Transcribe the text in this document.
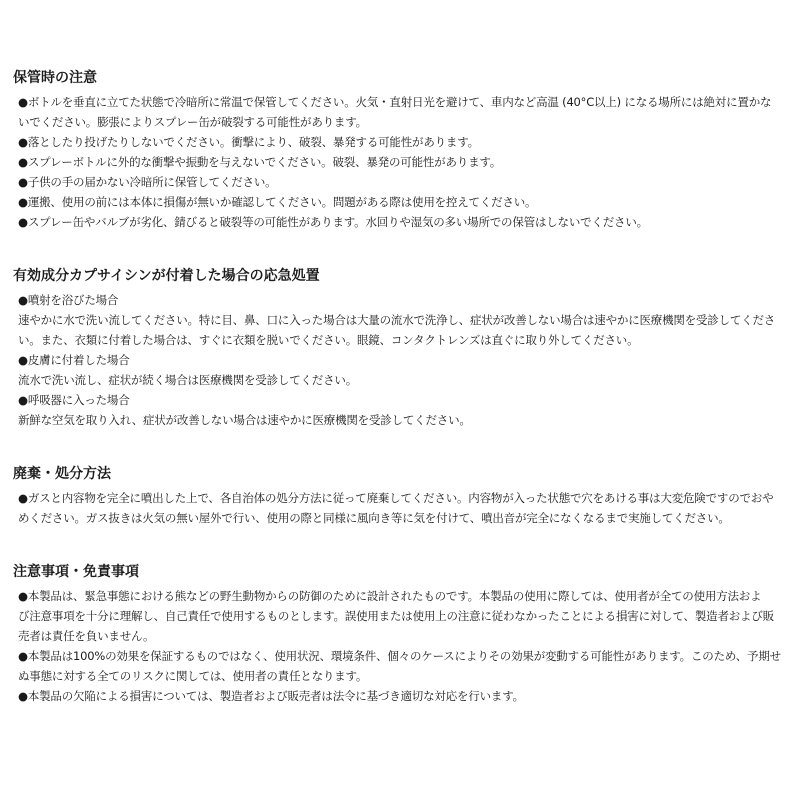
保管時の注意
●ボトルを垂直に立てた状態で冷暗所に常温で保管してください。火気・直射日光を避けて、車内など高温 (40°C以上) になる場所には絶対に置かな
いでください。膨張によりスプレー缶が破裂する可能性があります。
●落としたり投げたりしないでください。衝撃により、破裂、暴発する可能性があります。
●スプレーボトルに外的な衝撃や振動を与えないでください。破裂、暴発の可能性があります。
●子供の手の届かない冷暗所に保管してください。
●運搬、使用の前には本体に損傷が無いか確認してください。問題がある際は使用を控えてください。
●スプレー缶やバルブが劣化、錆びると破裂等の可能性があります。水回りや湿気の多い場所での保管はしないでください。
有効成分カプサイシンが付着した場合の応急処置
●噴射を浴びた場合
速やかに水で洗い流してください。特に目、鼻、口に入った場合は大量の流水で洗浄し、症状が改善しない場合は速やかに医療機関を受診してくださ
い。また、衣類に付着した場合は、すぐに衣類を脱いでください。眼鏡、コンタクトレンズは直ぐに取り外してください。
●皮膚に付着した場合
流水で洗い流し、症状が続く場合は医療機関を受診してください。
●呼吸器に入った場合
新鮮な空気を取り入れ、症状が改善しない場合は速やかに医療機関を受診してください。
廃棄・処分方法
●ガスと内容物を完全に噴出した上で、各自治体の処分方法に従って廃棄してください。内容物が入った状態で穴をあける事は大変危険ですのでおや
めください。ガス抜きは火気の無い屋外で行い、使用の際と同様に風向き等に気を付けて、噴出音が完全になくなるまで実施してください。
注意事項・免責事項
●本製品は、緊急事態における熊などの野生動物からの防御のために設計されたものです。本製品の使用に際しては、使用者が全ての使用方法およ
び注意事項を十分に理解し、自己責任で使用するものとします。誤使用または使用上の注意に従わなかったことによる損害に対して、製造者および販
売者は責任を負いません。
●本製品は100%の効果を保証するものではなく、使用状況、環境条件、個々のケースによりその効果が変動する可能性があります。このため、予期せ
ぬ事態に対する全てのリスクに関しては、使用者の責任となります。
●本製品の欠陥による損害については、製造者および販売者は法令に基づき適切な対応を行います。
